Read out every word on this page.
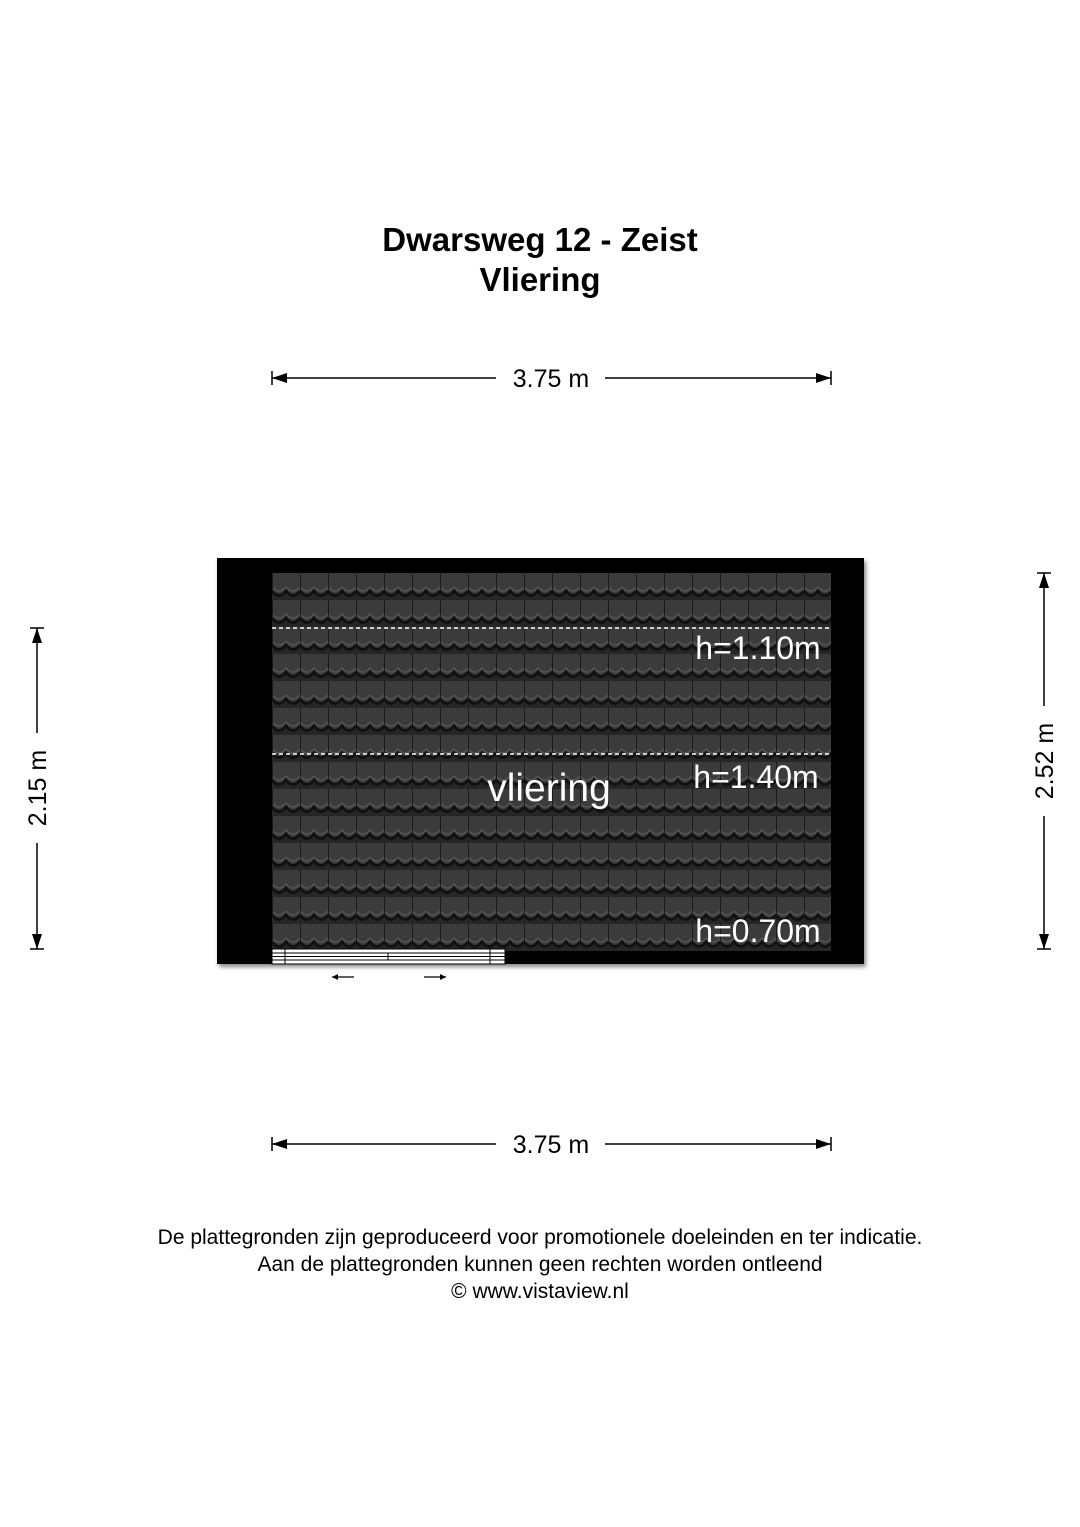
Dwarsweg 12 - Zeist
Vliering
vliering
h=1.10m
h=1.40m
h=0.70m
3.75 m
3.75 m
2.15 m	2.52 m
De plattegronden zijn geproduceerd voor promotionele doeleinden en ter indicatie.
Aan de plattegronden kunnen geen rechten worden ontleend
© www.vistaview.nl
